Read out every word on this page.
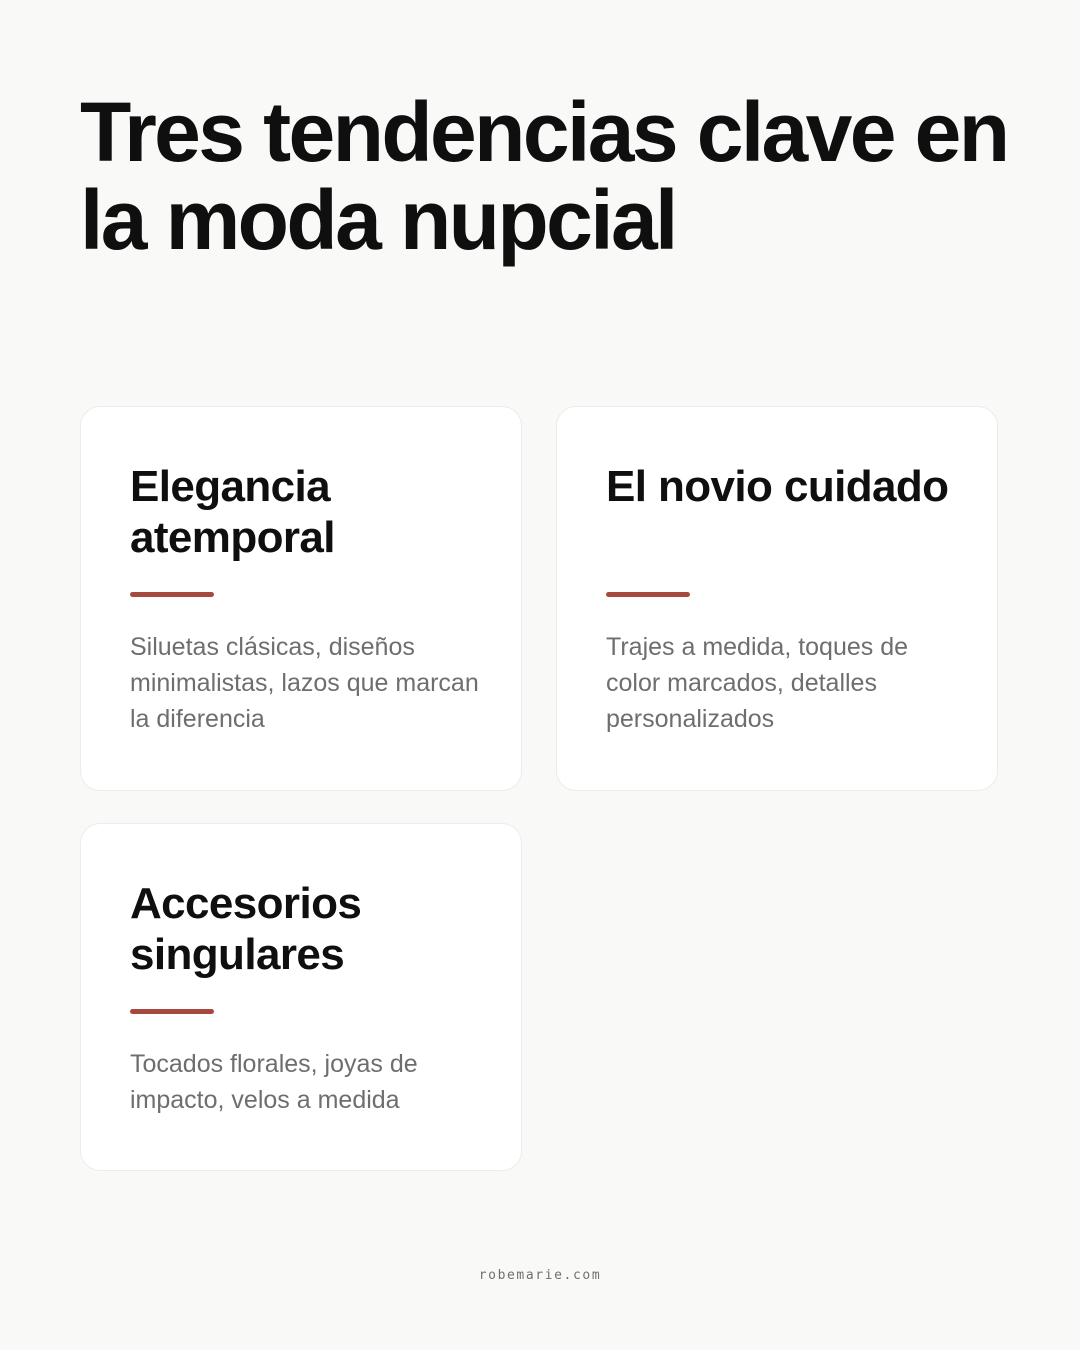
Tres tendencias clave en la moda nupcial
Elegancia atemporal

Siluetas clásicas, diseños minimalistas, lazos que marcan la diferencia

El novio cuidado

Trajes a medida, toques de color marcados, detalles personalizados

Accesorios singulares

Tocados florales, joyas de impacto, velos a medida

robemarie.com
